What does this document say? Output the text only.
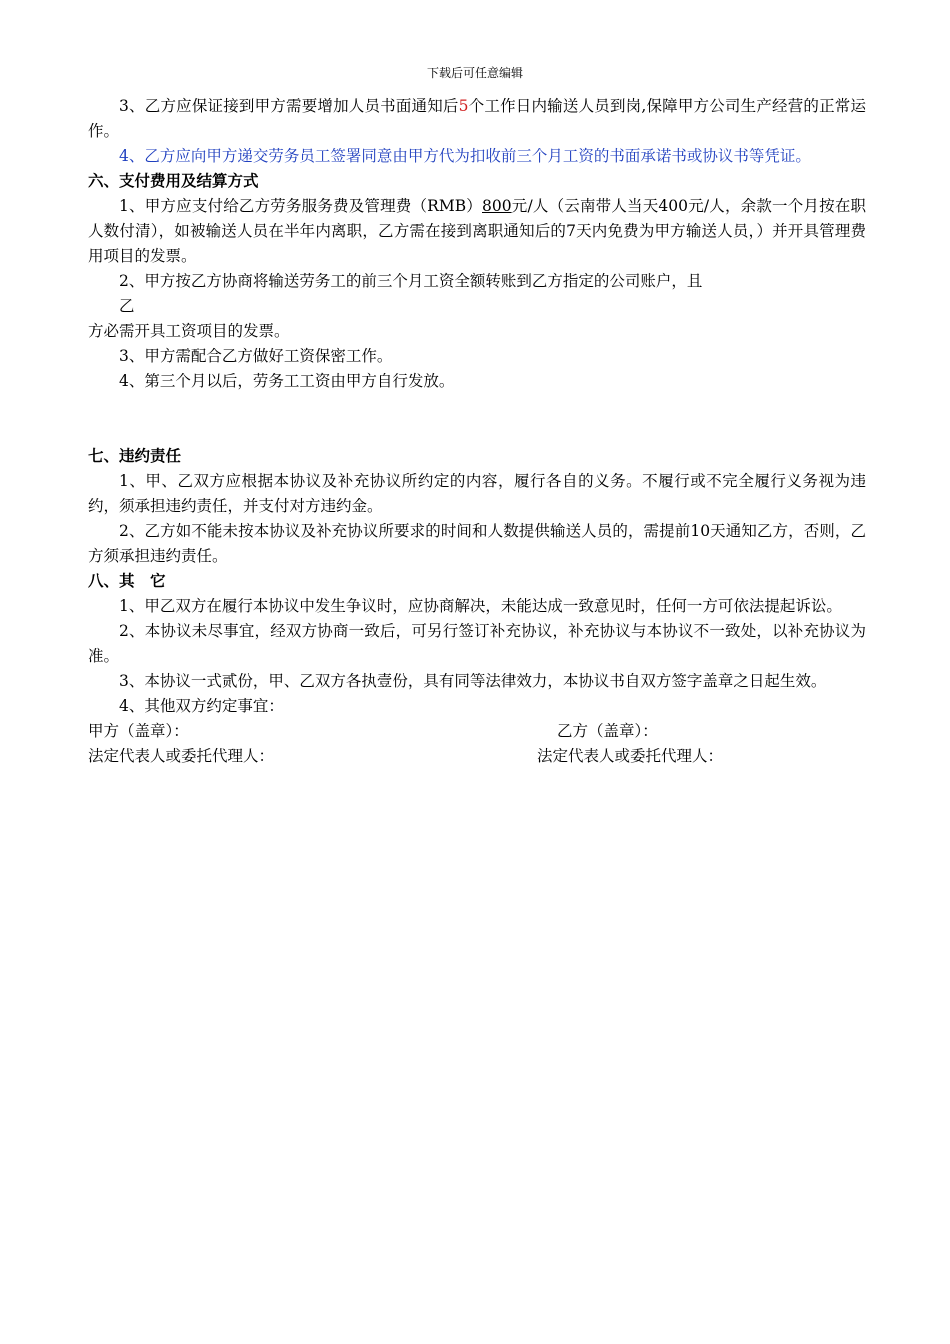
下载后可任意编辑

3、乙方应保证接到甲方需要增加人员书面通知后5个工作日内输送人员到岗,保障甲方公司生产经营的正常运作。

4、乙方应向甲方递交劳务员工签署同意由甲方代为扣收前三个月工资的书面承诺书或协议书等凭证。

六、支付费用及结算方式

1、甲方应支付给乙方劳务服务费及管理费（RMB）800元/人（云南带人当天400元/人，余款一个月按在职人数付清），如被输送人员在半年内离职，乙方需在接到离职通知后的7天内免费为甲方输送人员，）并开具管理费用项目的发票。

2、甲方按乙方协商将输送劳务工的前三个月工资全额转账到乙方指定的公司账户，且

乙

方必需开具工资项目的发票。

3、甲方需配合乙方做好工资保密工作。

4、第三个月以后，劳务工工资由甲方自行发放。

七、违约责任

1、甲、乙双方应根据本协议及补充协议所约定的内容，履行各自的义务。不履行或不完全履行义务视为违约，须承担违约责任，并支付对方违约金。

2、乙方如不能未按本协议及补充协议所要求的时间和人数提供输送人员的，需提前10天通知乙方，否则，乙方须承担违约责任。

八、其　它

1、甲乙双方在履行本协议中发生争议时，应协商解决，未能达成一致意见时，任何一方可依法提起诉讼。

2、本协议未尽事宜，经双方协商一致后，可另行签订补充协议，补充协议与本协议不一致处，以补充协议为准。

3、本协议一式贰份，甲、乙双方各执壹份，具有同等法律效力，本协议书自双方签字盖章之日起生效。

4、其他双方约定事宜：

甲方（盖章）：	乙方（盖章）：
法定代表人或委托代理人：	法定代表人或委托代理人：
